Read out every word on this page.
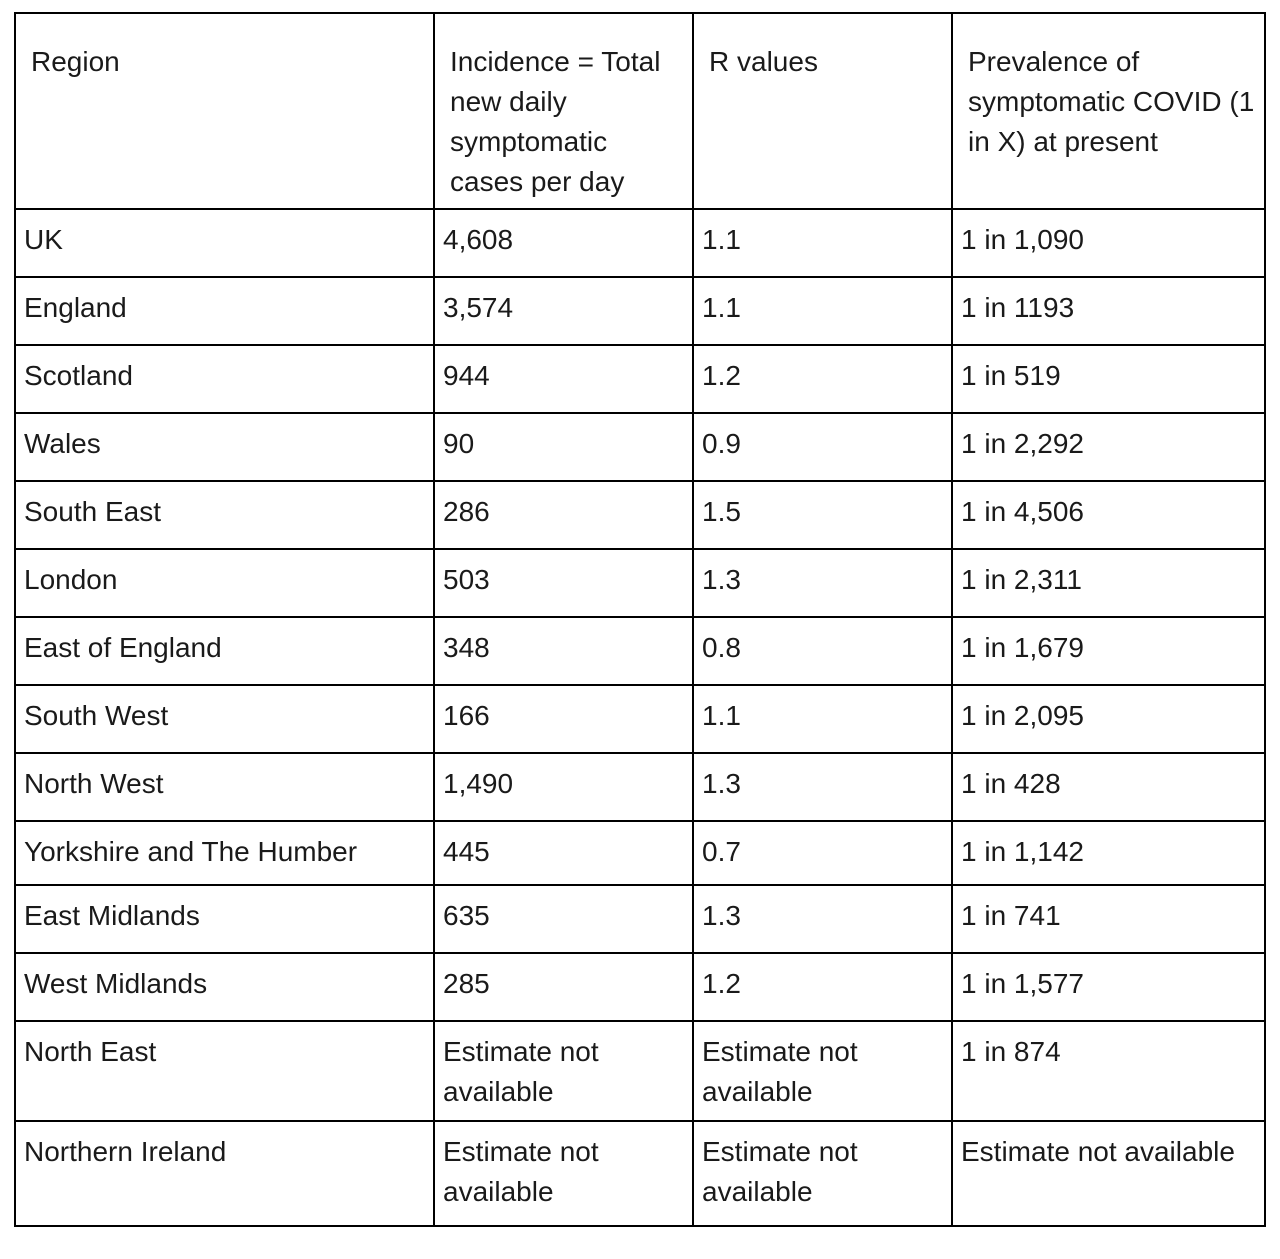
Region	Incidence = Total new daily symptomatic cases per day	R values	Prevalence of symptomatic COVID (1 in X) at present
UK	4,608	1.1	1 in 1,090
England	3,574	1.1	1 in 1193
Scotland	944	1.2	1 in 519
Wales	90	0.9	1 in 2,292
South East	286	1.5	1 in 4,506
London	503	1.3	1 in 2,311
East of England	348	0.8	1 in 1,679
South West	166	1.1	1 in 2,095
North West	1,490	1.3	1 in 428
Yorkshire and The Humber	445	0.7	1 in 1,142
East Midlands	635	1.3	1 in 741
West Midlands	285	1.2	1 in 1,577
North East	Estimate not available	Estimate not available	1 in 874
Northern Ireland	Estimate not available	Estimate not available	Estimate not available
